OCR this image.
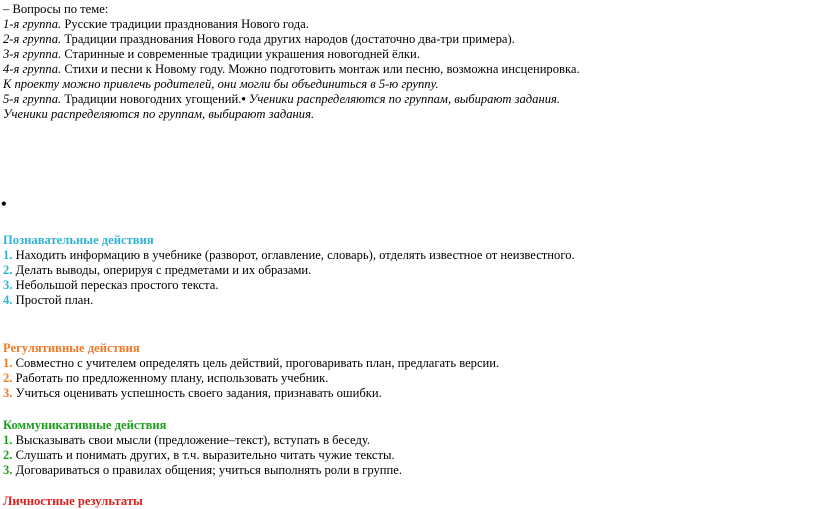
– Вопросы по теме:
1-я группа. Русские традиции празднования Нового года.
2-я группа. Традиции празднования Нового года других народов (достаточно два-три примера).
3-я группа. Старинные и современные традиции украшения новогодней ёлки.
4-я группа. Стихи и песни к Новому году. Можно подготовить монтаж или песню, возможна инсценировка.
К проекту можно привлечь родителей, они могли бы объединиться в 5-ю группу.
5-я группа. Традиции новогодних угощений.• Ученики распределяются по группам, выбирают задания.
Ученики распределяются по группам, выбирают задания.
•
Познавательные действия
1. Находить информацию в учебнике (разворот, оглавление, словарь), отделять известное от неизвестного.
2. Делать выводы, оперируя с предметами и их образами.
3. Небольшой пересказ простого текста.
4. Простой план.
Регулятивные действия
1. Совместно с учителем определять цель действий, проговаривать план, предлагать версии.
2. Работать по предложенному плану, использовать учебник.
3. Учиться оценивать успешность своего задания, признавать ошибки.
Коммуникативные действия
1. Высказывать свои мысли (предложение–текст), вступать в беседу.
2. Слушать и понимать других, в т.ч. выразительно читать чужие тексты.
3. Договариваться о правилах общения; учиться выполнять роли в группе.
Личностные результаты
